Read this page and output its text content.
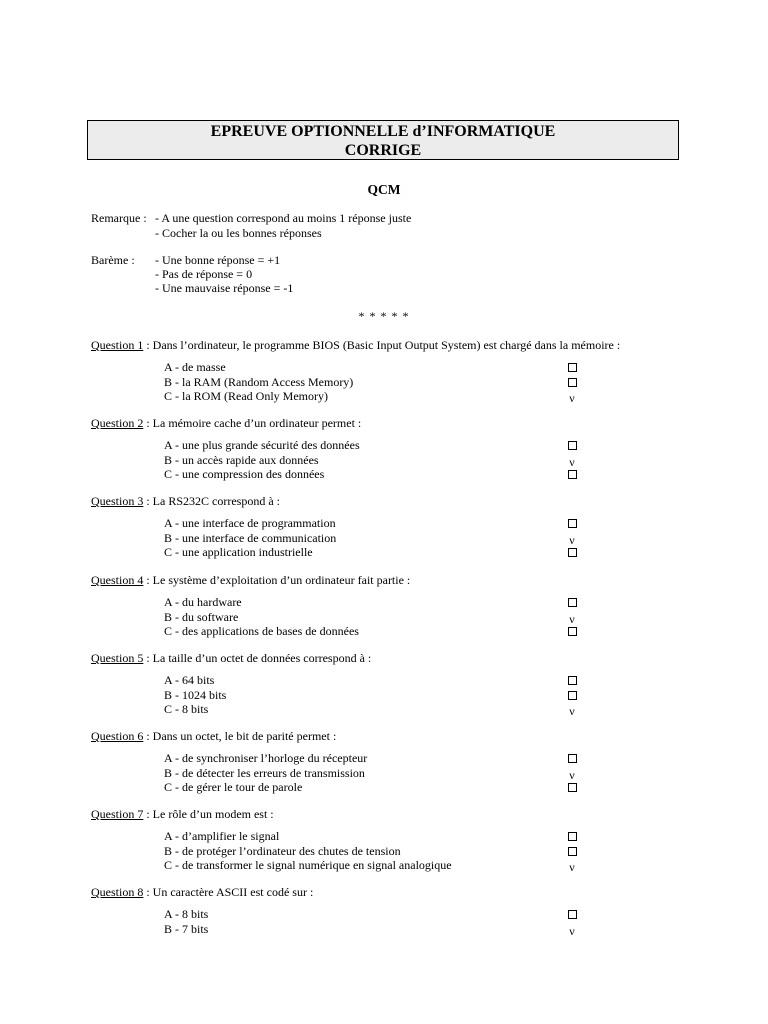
EPREUVE OPTIONNELLE d’INFORMATIQUE
CORRIGE
QCM
Remarque : - A une question correspond au moins 1 réponse juste
- Cocher la ou les bonnes réponses
Barème : - Une bonne réponse = +1
- Pas de réponse = 0
- Une mauvaise réponse = -1
* * * * *
Question 1 : Dans l’ordinateur, le programme BIOS (Basic Input Output System) est chargé dans la mémoire :
A - de masse
B - la RAM (Random Access Memory)
C - la ROM (Read Only Memory)	ν
Question 2 : La mémoire cache d’un ordinateur permet :
A - une plus grande sécurité des données
B - un accès rapide aux données	ν
C - une compression des données
Question 3 : La RS232C correspond à :
A - une interface de programmation
B - une interface de communication	ν
C - une application industrielle
Question 4 : Le système d’exploitation d’un ordinateur fait partie :
A - du hardware
B - du software	ν
C - des applications de bases de données
Question 5 : La taille d’un octet de données correspond à :
A - 64 bits
B - 1024 bits
C - 8 bits	ν
Question 6 : Dans un octet, le bit de parité permet :
A - de synchroniser l’horloge du récepteur
B - de détecter les erreurs de transmission	ν
C - de gérer le tour de parole
Question 7 : Le rôle d’un modem est :
A - d’amplifier le signal
B - de protéger l’ordinateur des chutes de tension
C - de transformer le signal numérique en signal analogique	ν
Question 8 : Un caractère ASCII est codé sur :
A - 8 bits
B - 7 bits	ν
